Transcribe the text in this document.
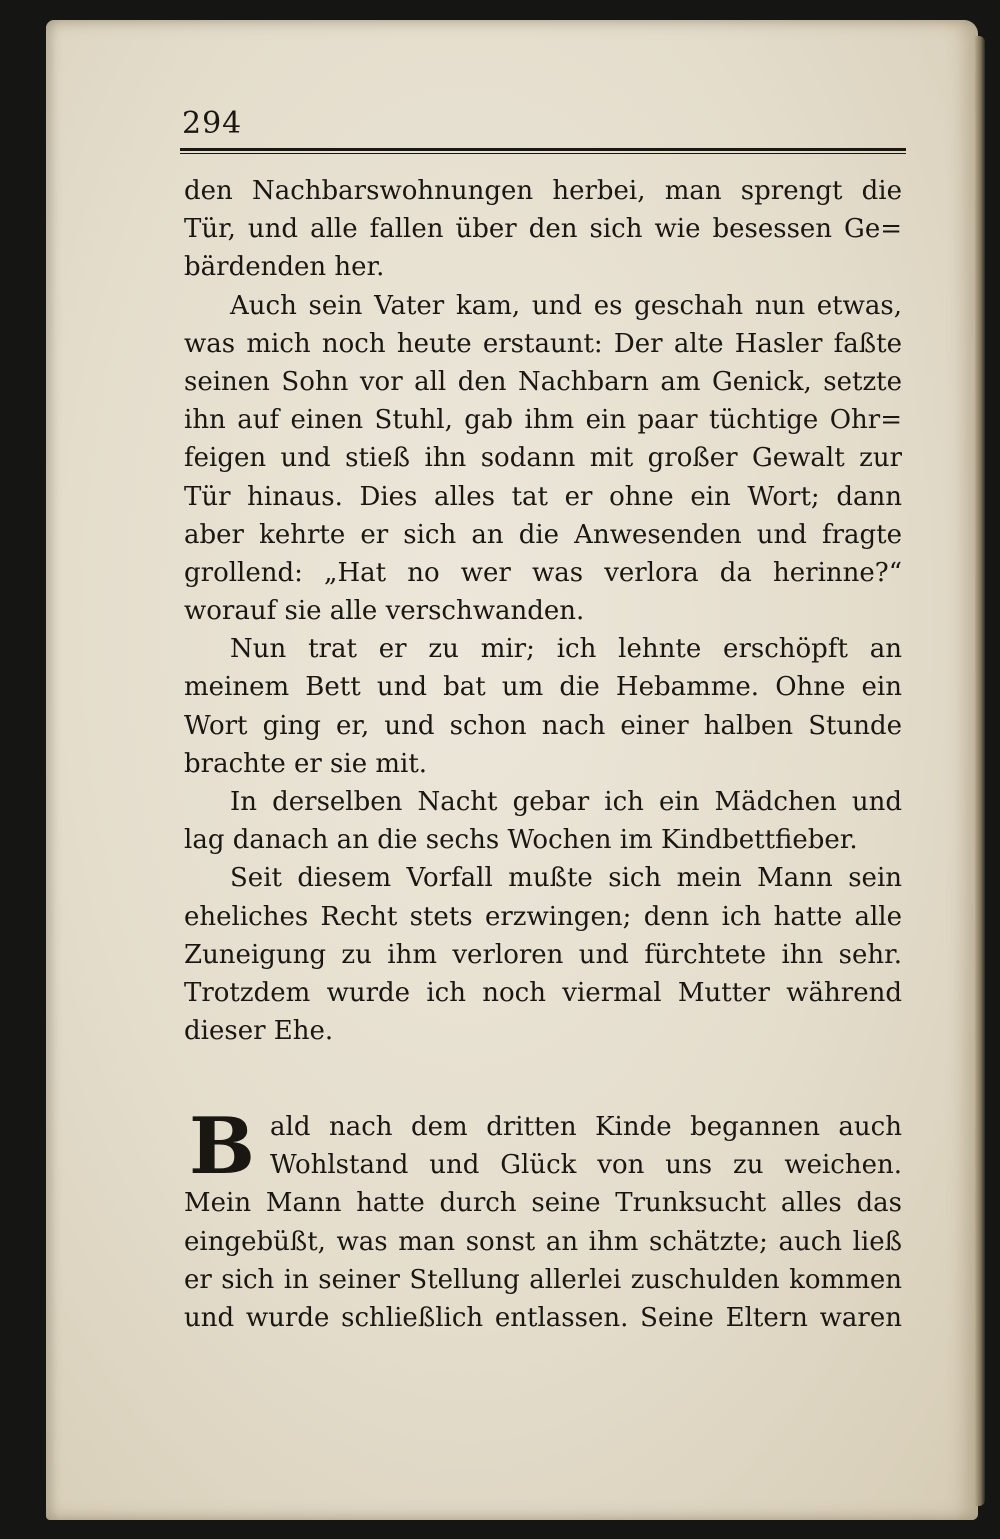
294
den Nachbarswohnungen herbei, man sprengt die
Tür, und alle fallen über den sich wie besessen Ge=
bärdenden her.
Auch sein Vater kam, und es geschah nun etwas,
was mich noch heute erstaunt: Der alte Hasler faßte
seinen Sohn vor all den Nachbarn am Genick, setzte
ihn auf einen Stuhl, gab ihm ein paar tüchtige Ohr=
feigen und stieß ihn sodann mit großer Gewalt zur
Tür hinaus. Dies alles tat er ohne ein Wort; dann
aber kehrte er sich an die Anwesenden und fragte
grollend: „Hat no wer was verlora da herinne?“
worauf sie alle verschwanden.
Nun trat er zu mir; ich lehnte erschöpft an
meinem Bett und bat um die Hebamme. Ohne ein
Wort ging er, und schon nach einer halben Stunde
brachte er sie mit.
In derselben Nacht gebar ich ein Mädchen und
lag danach an die sechs Wochen im Kindbettfieber.
Seit diesem Vorfall mußte sich mein Mann sein
eheliches Recht stets erzwingen; denn ich hatte alle
Zuneigung zu ihm verloren und fürchtete ihn sehr.
Trotzdem wurde ich noch viermal Mutter während
dieser Ehe.
B ald nach dem dritten Kinde begannen auch
Wohlstand und Glück von uns zu weichen.
Mein Mann hatte durch seine Trunksucht alles das
eingebüßt, was man sonst an ihm schätzte; auch ließ
er sich in seiner Stellung allerlei zuschulden kommen
und wurde schließlich entlassen. Seine Eltern waren
